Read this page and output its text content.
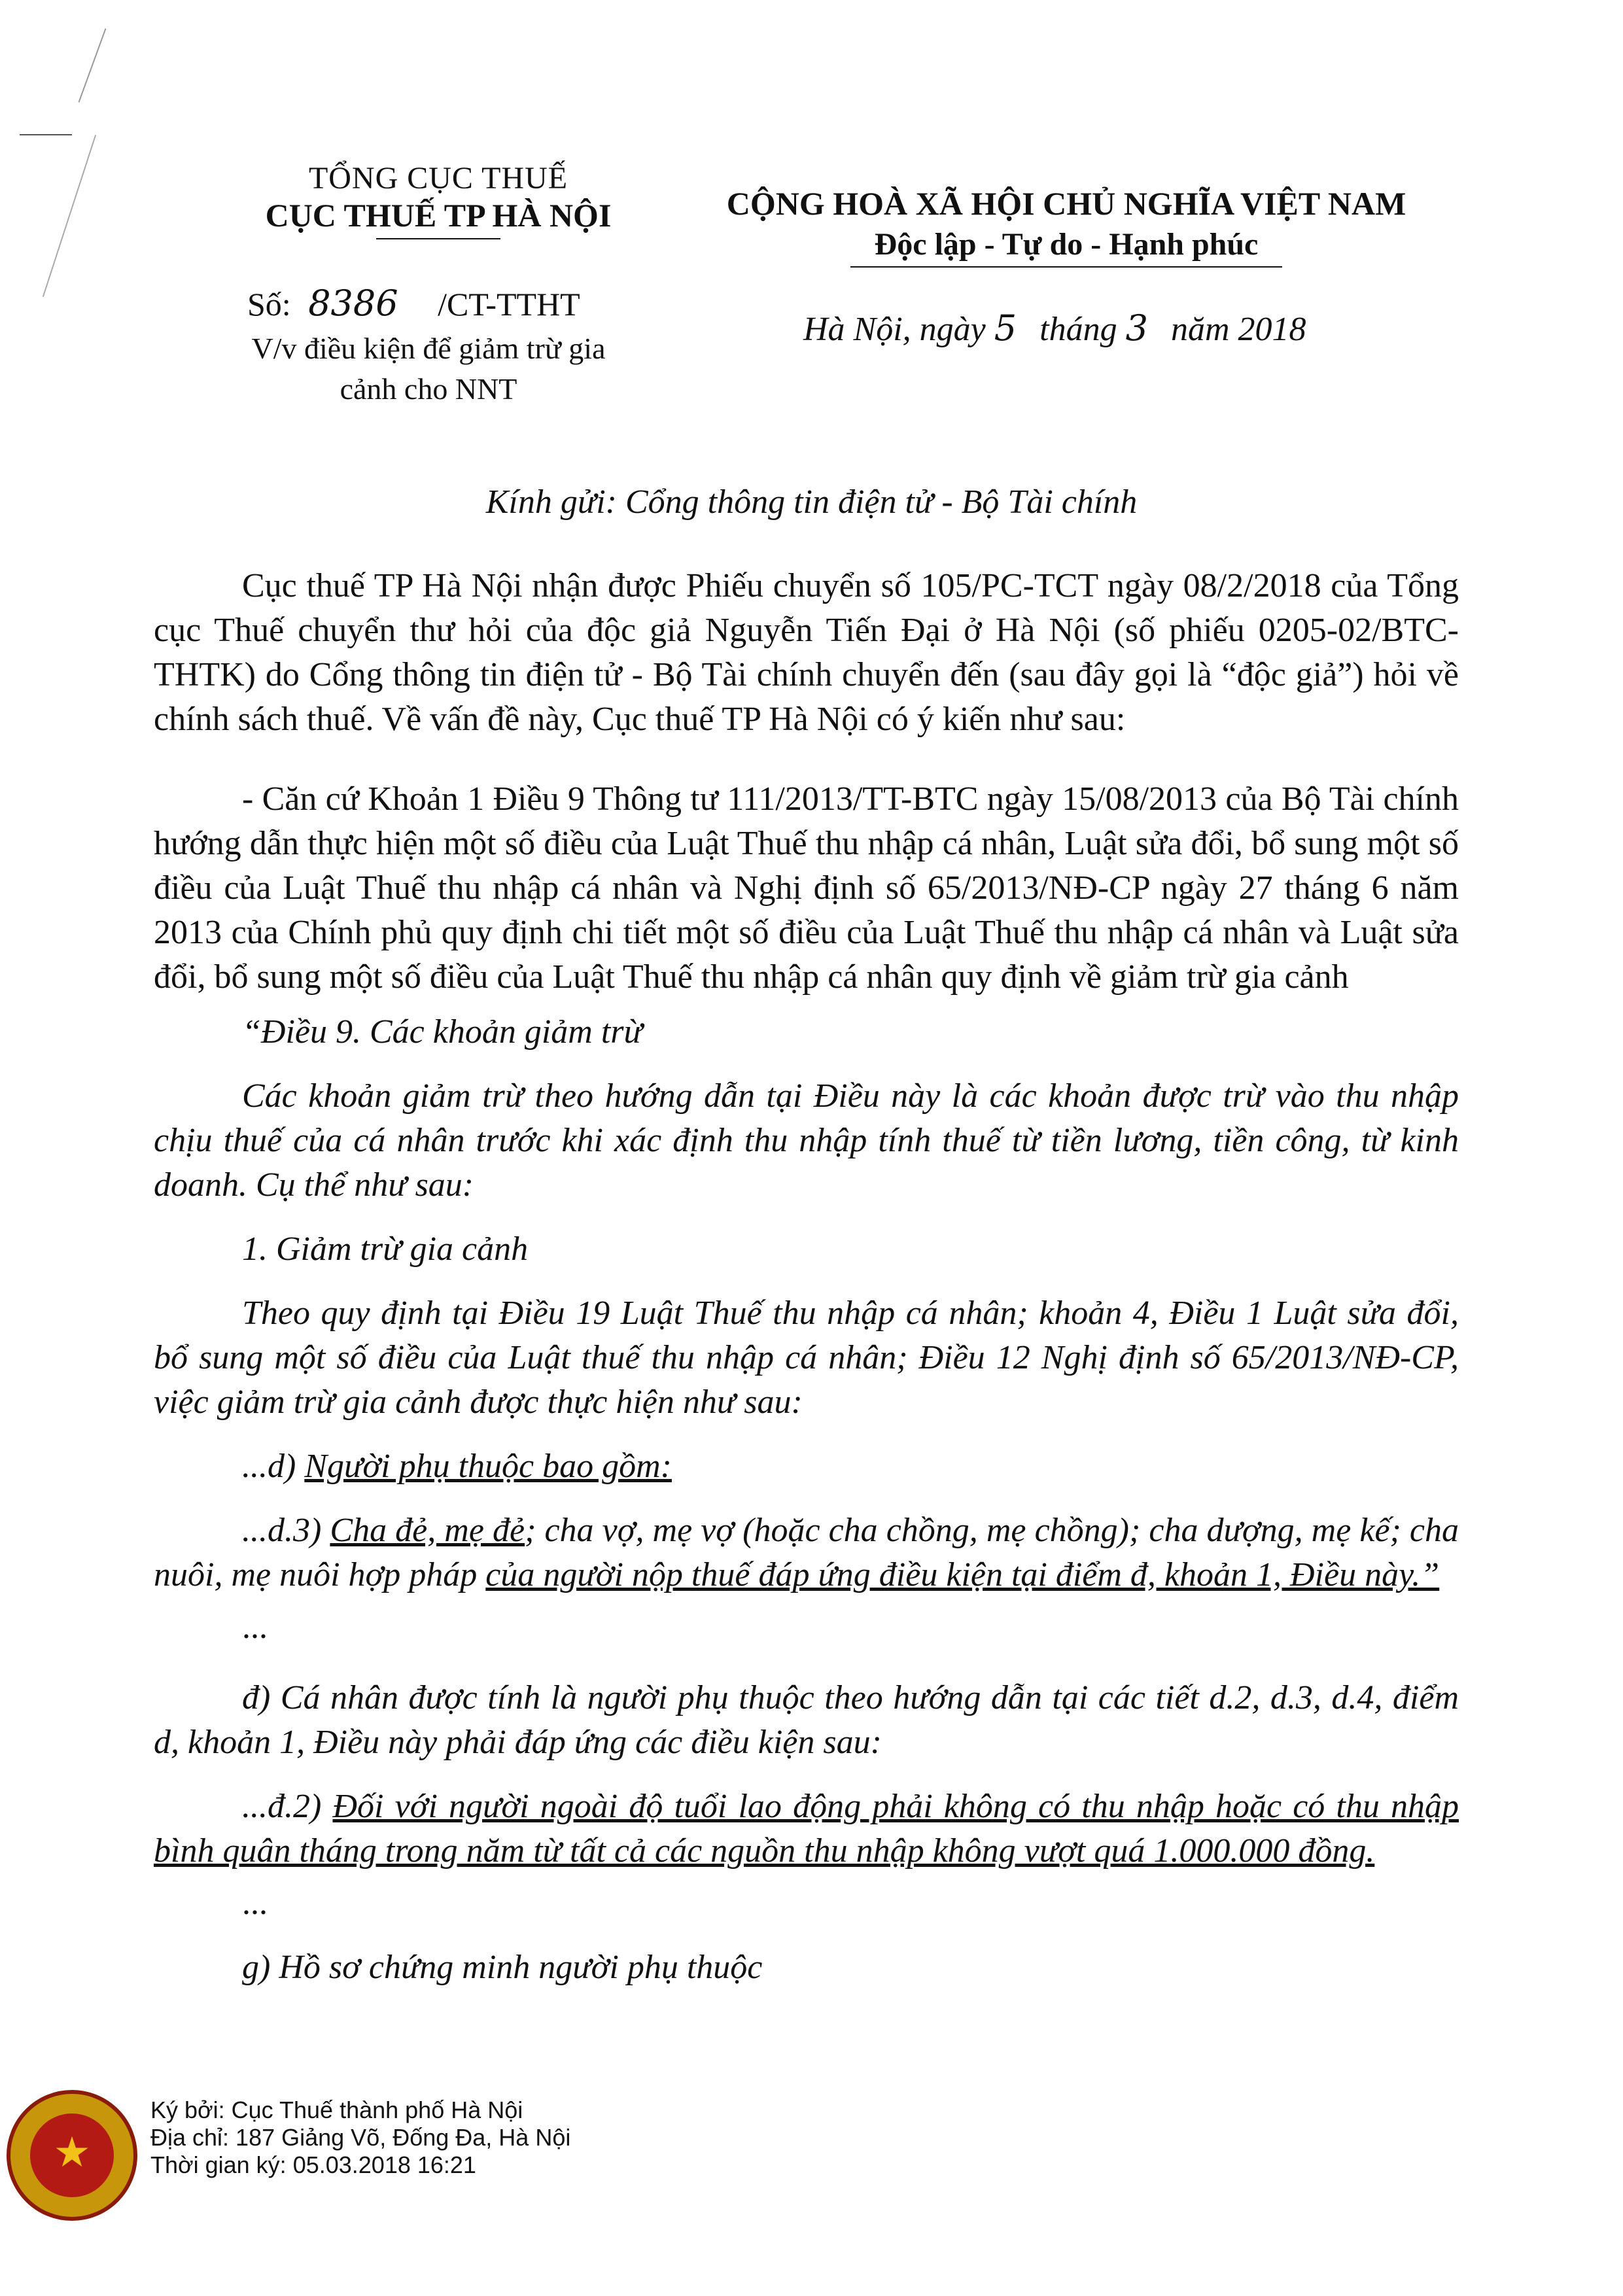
TỔNG CỤC THUẾ
CỤC THUẾ TP HÀ NỘI
Số: 8386 /CT-TTHT
V/v điều kiện để giảm trừ gia
cảnh cho NNT
CỘNG HOÀ XÃ HỘI CHỦ NGHĨA VIỆT NAM
Độc lập - Tự do - Hạnh phúc
Hà Nội, ngày 5 tháng 3 năm 2018
Kính gửi: Cổng thông tin điện tử - Bộ Tài chính

Cục thuế TP Hà Nội nhận được Phiếu chuyển số 105/PC-TCT ngày 08/2/2018 của Tổng cục Thuế chuyển thư hỏi của độc giả Nguyễn Tiến Đại ở Hà Nội (số phiếu 0205-02/BTC-THTK) do Cổng thông tin điện tử - Bộ Tài chính chuyển đến (sau đây gọi là “độc giả”) hỏi về chính sách thuế. Về vấn đề này, Cục thuế TP Hà Nội có ý kiến như sau:

- Căn cứ Khoản 1 Điều 9 Thông tư 111/2013/TT-BTC ngày 15/08/2013 của Bộ Tài chính hướng dẫn thực hiện một số điều của Luật Thuế thu nhập cá nhân, Luật sửa đổi, bổ sung một số điều của Luật Thuế thu nhập cá nhân và Nghị định số 65/2013/NĐ-CP ngày 27 tháng 6 năm 2013 của Chính phủ quy định chi tiết một số điều của Luật Thuế thu nhập cá nhân và Luật sửa đổi, bổ sung một số điều của Luật Thuế thu nhập cá nhân quy định về giảm trừ gia cảnh

“Điều 9. Các khoản giảm trừ

Các khoản giảm trừ theo hướng dẫn tại Điều này là các khoản được trừ vào thu nhập chịu thuế của cá nhân trước khi xác định thu nhập tính thuế từ tiền lương, tiền công, từ kinh doanh. Cụ thể như sau:

1. Giảm trừ gia cảnh

Theo quy định tại Điều 19 Luật Thuế thu nhập cá nhân; khoản 4, Điều 1 Luật sửa đổi, bổ sung một số điều của Luật thuế thu nhập cá nhân; Điều 12 Nghị định số 65/2013/NĐ-CP, việc giảm trừ gia cảnh được thực hiện như sau:

...d) Người phụ thuộc bao gồm:

...d.3) Cha đẻ, mẹ đẻ; cha vợ, mẹ vợ (hoặc cha chồng, mẹ chồng); cha dượng, mẹ kế; cha nuôi, mẹ nuôi hợp pháp của người nộp thuế đáp ứng điều kiện tại điểm đ, khoản 1, Điều này.”

...

đ) Cá nhân được tính là người phụ thuộc theo hướng dẫn tại các tiết d.2, d.3, d.4, điểm d, khoản 1, Điều này phải đáp ứng các điều kiện sau:

...đ.2) Đối với người ngoài độ tuổi lao động phải không có thu nhập hoặc có thu nhập bình quân tháng trong năm từ tất cả các nguồn thu nhập không vượt quá 1.000.000 đồng.

...

g) Hồ sơ chứng minh người phụ thuộc

★
Ký bởi: Cục Thuế thành phố Hà Nội
Địa chỉ: 187 Giảng Võ, Đống Đa, Hà Nội
Thời gian ký: 05.03.2018 16:21
